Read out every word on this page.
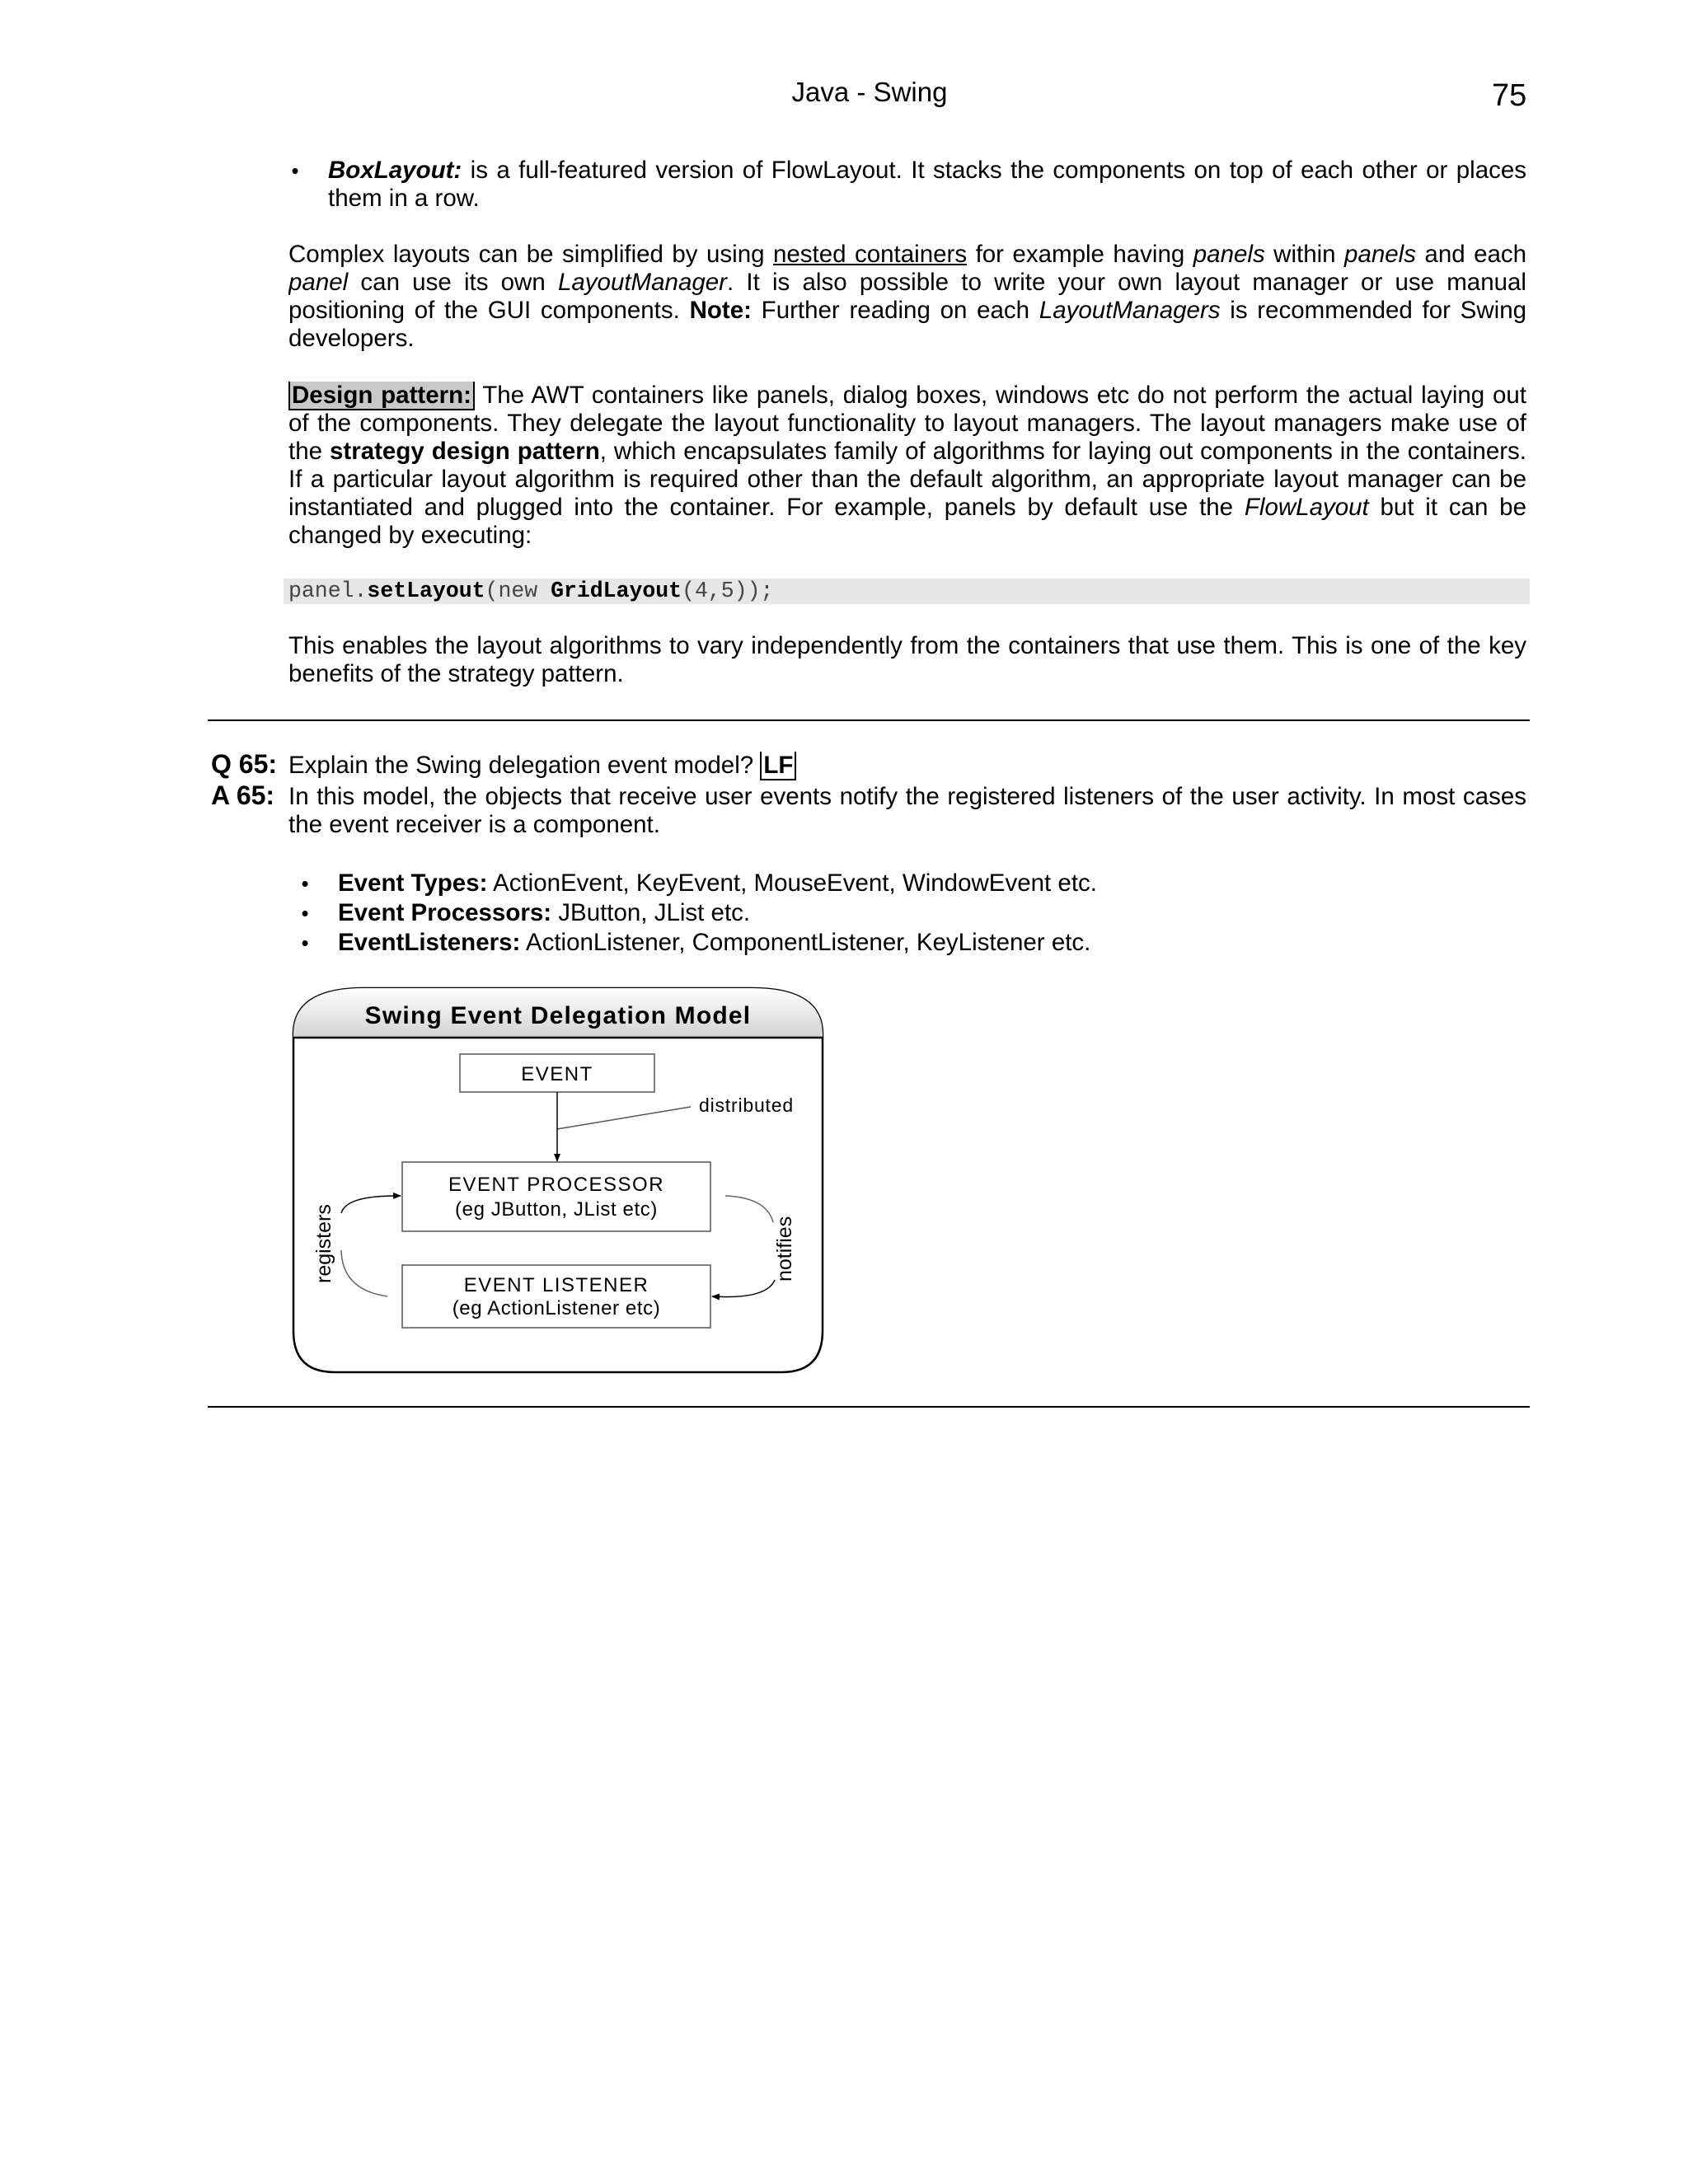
Java - Swing	75
•	BoxLayout: is a full-featured version of FlowLayout. It stacks the components on top of each other or places
them in a row.
Complex layouts can be simplified by using nested containers for example having panels within panels and each
panel can use its own LayoutManager. It is also possible to write your own layout manager or use manual
positioning of the GUI components. Note: Further reading on each LayoutManagers is recommended for Swing
developers.
Design pattern: The AWT containers like panels, dialog boxes, windows etc do not perform the actual laying out
of the components. They delegate the layout functionality to layout managers. The layout managers make use of
the strategy design pattern, which encapsulates family of algorithms for laying out components in the containers.
If a particular layout algorithm is required other than the default algorithm, an appropriate layout manager can be
instantiated and plugged into the container. For example, panels by default use the FlowLayout but it can be
changed by executing:
panel.setLayout(new GridLayout(4,5));
This enables the layout algorithms to vary independently from the containers that use them. This is one of the key
benefits of the strategy pattern.
Q 65: Explain the Swing delegation event model? LF
A 65: In this model, the objects that receive user events notify the registered listeners of the user activity. In most cases
the event receiver is a component.
•	Event Types: ActionEvent, KeyEvent, MouseEvent, WindowEvent etc.
•	Event Processors: JButton, JList etc.
•	EventListeners: ActionListener, ComponentListener, KeyListener etc.
Swing Event Delegation Model
EVENT
distributed
EVENT PROCESSOR
(eg JButton, JList etc)
EVENT LISTENER
(eg ActionListener etc)
registers	notifies
